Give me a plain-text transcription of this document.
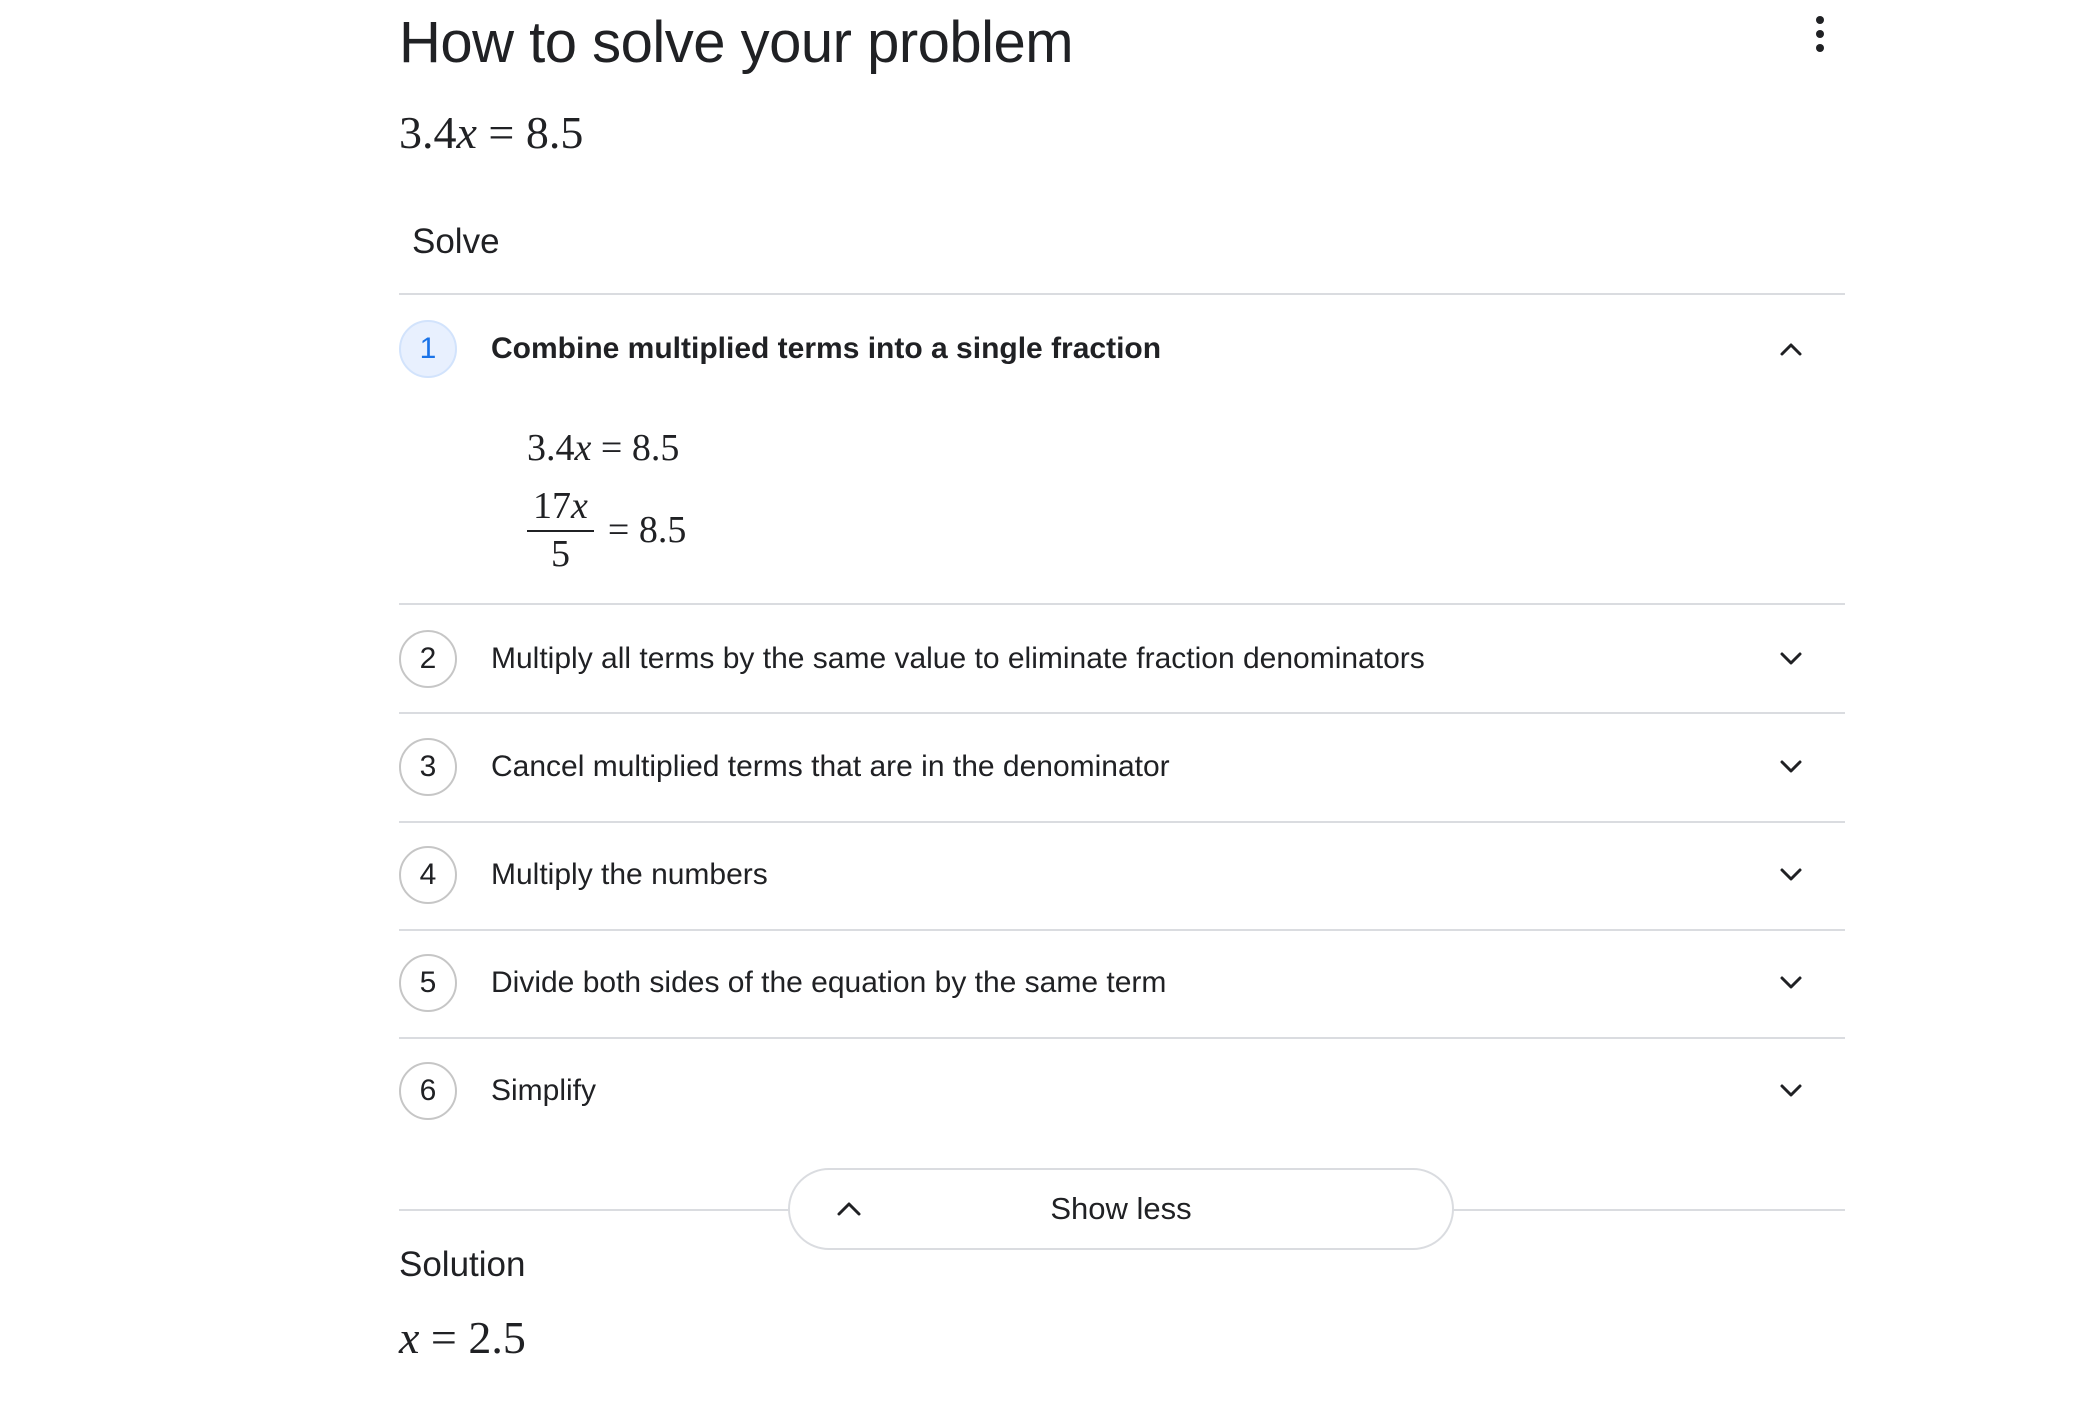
How to solve your problem
3.4x = 8.5
Solve
1	Combine multiplied terms into a single fraction
3.4x = 8.5
$\frac{17x}{5}$ =
8.5
2	Multiply all terms by the same value to eliminate fraction denominators
3	Cancel multiplied terms that are in the denominator
4	Multiply the numbers
5	Divide both sides of the equation by the same term
6	Simplify
Show less
Solution
x = 2.5
